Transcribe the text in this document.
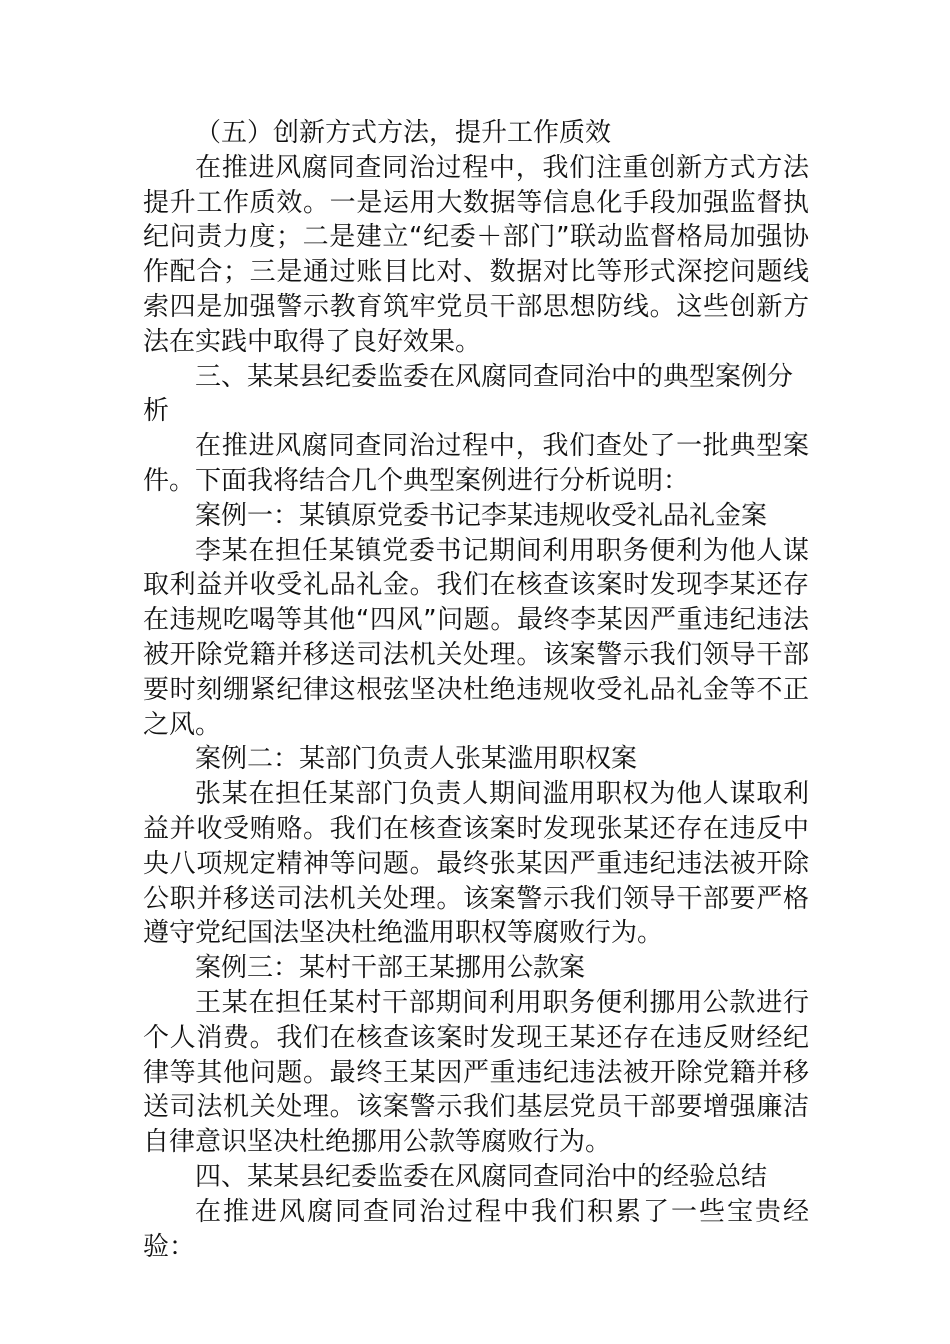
（五）创新方式方法，提升工作质效

在推进风腐同查同治过程中，我们注重创新方式方法提升工作质效。一是运用大数据等信息化手段加强监督执纪问责力度；二是建立“纪委＋部门”联动监督格局加强协作配合；三是通过账目比对、数据对比等形式深挖问题线索四是加强警示教育筑牢党员干部思想防线。这些创新方法在实践中取得了良好效果。

三、某某县纪委监委在风腐同查同治中的典型案例分析

在推进风腐同查同治过程中，我们查处了一批典型案件。下面我将结合几个典型案例进行分析说明：

案例一：某镇原党委书记李某违规收受礼品礼金案

李某在担任某镇党委书记期间利用职务便利为他人谋取利益并收受礼品礼金。我们在核查该案时发现李某还存在违规吃喝等其他“四风”问题。最终李某因严重违纪违法被开除党籍并移送司法机关处理。该案警示我们领导干部要时刻绷紧纪律这根弦坚决杜绝违规收受礼品礼金等不正之风。

案例二：某部门负责人张某滥用职权案

张某在担任某部门负责人期间滥用职权为他人谋取利益并收受贿赂。我们在核查该案时发现张某还存在违反中央八项规定精神等问题。最终张某因严重违纪违法被开除公职并移送司法机关处理。该案警示我们领导干部要严格遵守党纪国法坚决杜绝滥用职权等腐败行为。

案例三：某村干部王某挪用公款案

王某在担任某村干部期间利用职务便利挪用公款进行个人消费。我们在核查该案时发现王某还存在违反财经纪律等其他问题。最终王某因严重违纪违法被开除党籍并移送司法机关处理。该案警示我们基层党员干部要增强廉洁自律意识坚决杜绝挪用公款等腐败行为。

四、某某县纪委监委在风腐同查同治中的经验总结

在推进风腐同查同治过程中我们积累了一些宝贵经验：
